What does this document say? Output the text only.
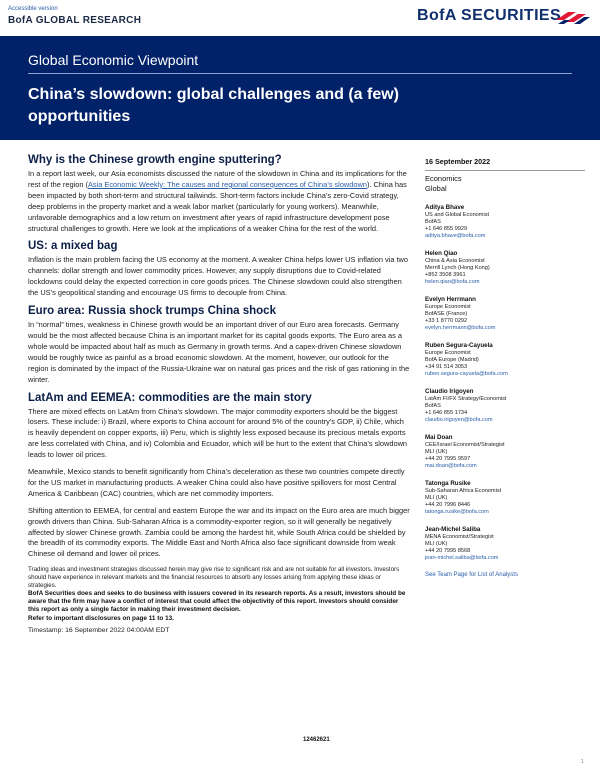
Accessible version
BofA GLOBAL RESEARCH	BofA SECURITIES
Global Economic Viewpoint
China’s slowdown: global challenges and (a few) opportunities
Why is the Chinese growth engine sputtering?
In a report last week, our Asia economists discussed the nature of the slowdown in China and its implications for the rest of the region (Asia Economic Weekly: The causes and regional consequences of China’s slowdown). China has been impacted by both short-term and structural tailwinds. Short-term factors include China’s zero-Covid strategy, deep problems in the property market and a weak labor market (particularly for young workers). Meanwhile, unfavorable demographics and a low return on investment after years of rapid infrastructure development pose structural challenges to growth. Here we look at the implications of a weaker China for the rest of the world.
US: a mixed bag
Inflation is the main problem facing the US economy at the moment. A weaker China helps lower US inflation via two channels: dollar strength and lower commodity prices. However, any supply disruptions due to Covid-related lockdowns could delay the expected correction in core goods prices. The Chinese slowdown could also strengthen the US’s geopolitical standing and encourage US firms to decouple from China.
Euro area: Russia shock trumps China shock
In “normal” times, weakness in Chinese growth would be an important driver of our Euro area forecasts. Germany would be the most affected because China is an important market for its capital goods exports. The Euro area as a whole would be impacted about half as much as Germany in growth terms. And a capex-driven Chinese slowdown would be roughly twice as painful as a broad economic slowdown. At the moment, however, our outlook for the region is dominated by the impact of the Russia-Ukraine war on natural gas prices and the risk of gas rationing in the winter.
LatAm and EEMEA: commodities are the main story
There are mixed effects on LatAm from China’s slowdown. The major commodity exporters should be the biggest losers. These include: i) Brazil, where exports to China account for around 5% of the country’s GDP, ii) Chile, which is heavily dependent on copper exports, iii) Peru, which is slightly less exposed because its precious metals exports are less correlated with China, and iv) Colombia and Ecuador, which will be hurt to the extent that China’s slowdown leads to lower oil prices.
Meanwhile, Mexico stands to benefit significantly from China’s deceleration as these two countries compete directly for the US market in manufacturing products. A weaker China could also have positive spillovers for most Central America & Caribbean (CAC) countries, which are net commodity importers.
Shifting attention to EEMEA, for central and eastern Europe the war and its impact on the Euro area are much bigger growth drivers than China. Sub-Saharan Africa is a commodity-exporter region, so it will generally be negatively affected by slower Chinese growth. Zambia could be among the hardest hit, while South Africa could be shielded by the breadth of its commodity exports. The Middle East and North Africa also face significant downside from weak Chinese oil demand and lower oil prices.
Trading ideas and investment strategies discussed herein may give rise to significant risk and are not suitable for all investors. Investors should have experience in relevant markets and the financial resources to absorb any losses arising from applying these ideas or strategies.
BofA Securities does and seeks to do business with issuers covered in its research reports. As a result, investors should be aware that the firm may have a conflict of interest that could affect the objectivity of this report. Investors should consider this report as only a single factor in making their investment decision.
Refer to important disclosures on page 11 to 13.
Timestamp: 16 September 2022 04:00AM EDT
12462621
16 September 2022
Economics
Global
Aditya Bhave
US and Global Economist
BofAS
+1 646 855 9929
aditya.bhave@bofa.com
Helen Qiao
China & Asia Economist
Merrill Lynch (Hong Kong)
+852 3508 3961
helen.qiao@bofa.com
Evelyn Herrmann
Europe Economist
BofASE (France)
+33 1 8770 0292
evelyn.herrmann@bofa.com
Ruben Segura-Cayuela
Europe Economist
BofA Europe (Madrid)
+34 91 514 3053
ruben.segura-cayuela@bofa.com
Claudio Irigoyen
LatAm FI/FX Strategy/Economist
BofAS
+1 646 855 1734
claudio.irigoyen@bofa.com
Mai Doan
CEE/Israel Economist/Strategist
MLI (UK)
+44 20 7995 9597
mai.doan@bofa.com
Tatonga Rusike
Sub-Saharan Africa Economist
MLI (UK)
+44 20 7996 8446
tatonga.rusike@bofa.com
Jean-Michel Saliba
MENA Economist/Strategist
MLI (UK)
+44 20 7995 8568
jean-michel.saliba@bofa.com
See Team Page for List of Analysts
1
